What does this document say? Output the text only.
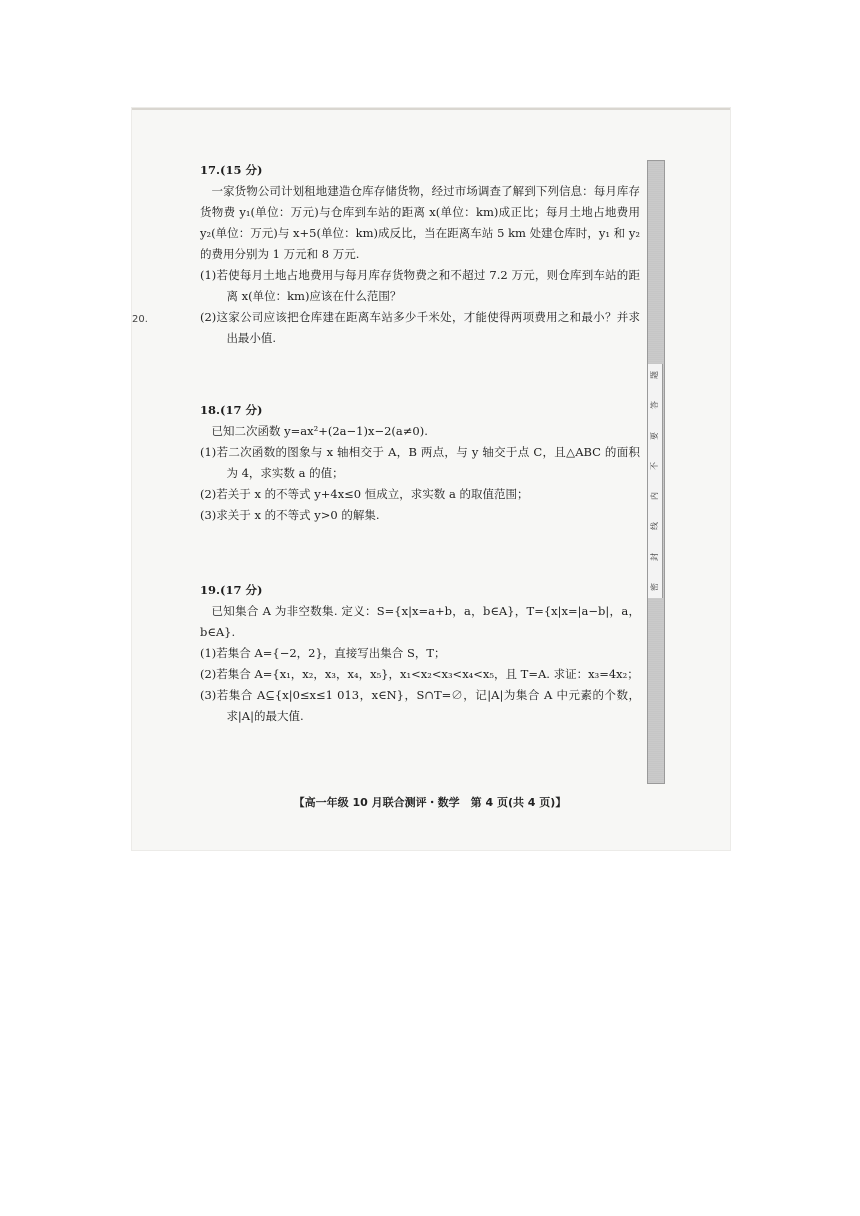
20.

17.(15 分)

一家货物公司计划租地建造仓库存储货物，经过市场调查了解到下列信息：每月库存货物费 y₁(单位：万元)与仓库到车站的距离 x(单位：km)成正比；每月土地占地费用 y₂(单位：万元)与 x+5(单位：km)成反比，当在距离车站 5 km 处建仓库时，y₁ 和 y₂ 的费用分别为 1 万元和 8 万元.

(1)若使每月土地占地费用与每月库存货物费之和不超过 7.2 万元，则仓库到车站的距离 x(单位：km)应该在什么范围？

(2)这家公司应该把仓库建在距离车站多少千米处，才能使得两项费用之和最小？并求出最小值.

18.(17 分)

已知二次函数 y=ax²+(2a−1)x−2(a≠0).

(1)若二次函数的图象与 x 轴相交于 A，B 两点，与 y 轴交于点 C，且△ABC 的面积为 4，求实数 a 的值；

(2)若关于 x 的不等式 y+4x≤0 恒成立，求实数 a 的取值范围；

(3)求关于 x 的不等式 y>0 的解集.

19.(17 分)

已知集合 A 为非空数集. 定义：S={x|x=a+b，a，b∈A}，T={x|x=|a−b|，a，b∈A}.

(1)若集合 A={−2，2}，直接写出集合 S，T；

(2)若集合 A={x₁，x₂，x₃，x₄，x₅}，x₁<x₂<x₃<x₄<x₅，且 T=A. 求证：x₃=4x₂；

(3)若集合 A⊆{x|0≤x≤1 013，x∈N}，S∩T=∅，记|A|为集合 A 中元素的个数，求|A|的最大值.

题
答
要
不
内
线
封
密
【高一年级 10 月联合测评・数学　第 4 页(共 4 页)】
